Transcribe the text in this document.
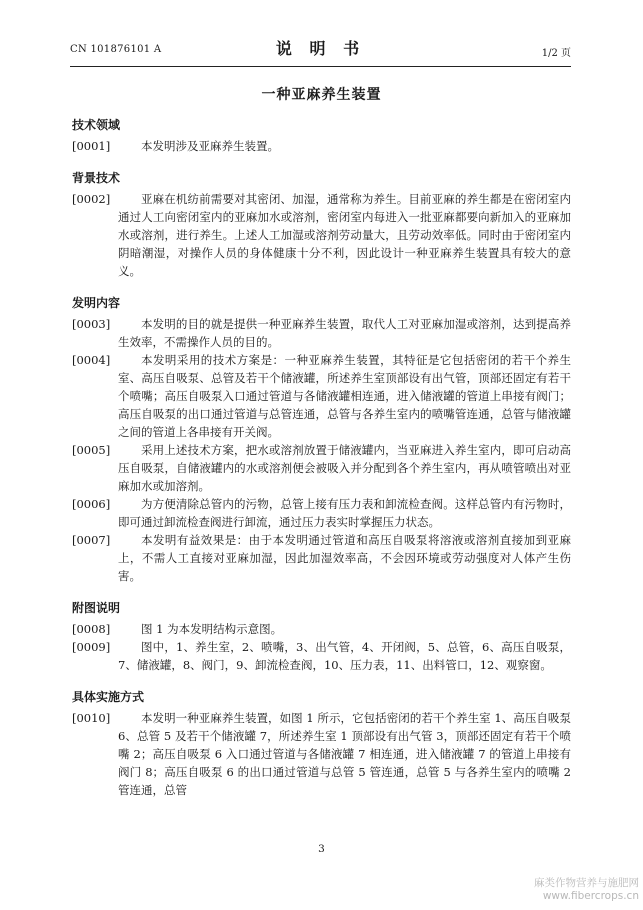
CN 101876101 A	说 明 书	1/2 页
一种亚麻养生装置
技术领域
[0001]	本发明涉及亚麻养生装置。
背景技术
[0002]	亚麻在机纺前需要对其密闭、加湿，通常称为养生。目前亚麻的养生都是在密闭室内通过人工向密闭室内的亚麻加水或溶剂，密闭室内每进入一批亚麻都要向新加入的亚麻加水或溶剂，进行养生。上述人工加湿或溶剂劳动量大，且劳动效率低。同时由于密闭室内阴暗潮湿，对操作人员的身体健康十分不利，因此设计一种亚麻养生装置具有较大的意义。
发明内容
[0003]	本发明的目的就是提供一种亚麻养生装置，取代人工对亚麻加湿或溶剂，达到提高养生效率，不需操作人员的目的。
[0004]	本发明采用的技术方案是：一种亚麻养生装置，其特征是它包括密闭的若干个养生室、高压自吸泵、总管及若干个储液罐，所述养生室顶部设有出气管，顶部还固定有若干个喷嘴；高压自吸泵入口通过管道与各储液罐相连通，进入储液罐的管道上串接有阀门；高压自吸泵的出口通过管道与总管连通，总管与各养生室内的喷嘴管连通，总管与储液罐之间的管道上各串接有开关阀。
[0005]	采用上述技术方案，把水或溶剂放置于储液罐内，当亚麻进入养生室内，即可启动高压自吸泵，自储液罐内的水或溶剂便会被吸入并分配到各个养生室内，再从喷管喷出对亚麻加水或加溶剂。
[0006]	为方便清除总管内的污物，总管上接有压力表和卸流检查阀。这样总管内有污物时，即可通过卸流检查阀进行卸流，通过压力表实时掌握压力状态。
[0007]	本发明有益效果是：由于本发明通过管道和高压自吸泵将溶液或溶剂直接加到亚麻上，不需人工直接对亚麻加湿，因此加湿效率高，不会因环境或劳动强度对人体产生伤害。
附图说明
[0008]	图 1 为本发明结构示意图。
[0009]	图中，1、养生室，2、喷嘴，3、出气管，4、开闭阀，5、总管，6、高压自吸泵，7、储液罐，8、阀门，9、卸流检查阀，10、压力表，11、出料管口，12、观察窗。
具体实施方式
[0010]	本发明一种亚麻养生装置，如图 1 所示，它包括密闭的若干个养生室 1、高压自吸泵 6、总管 5 及若干个储液罐 7，所述养生室 1 顶部设有出气管 3，顶部还固定有若干个喷嘴 2；高压自吸泵 6 入口通过管道与各储液罐 7 相连通，进入储液罐 7 的管道上串接有阀门 8；高压自吸泵 6 的出口通过管道与总管 5 管连通，总管 5 与各养生室内的喷嘴 2 管连通，总管
3
麻类作物营养与施肥网
www.fibercrops.cn
